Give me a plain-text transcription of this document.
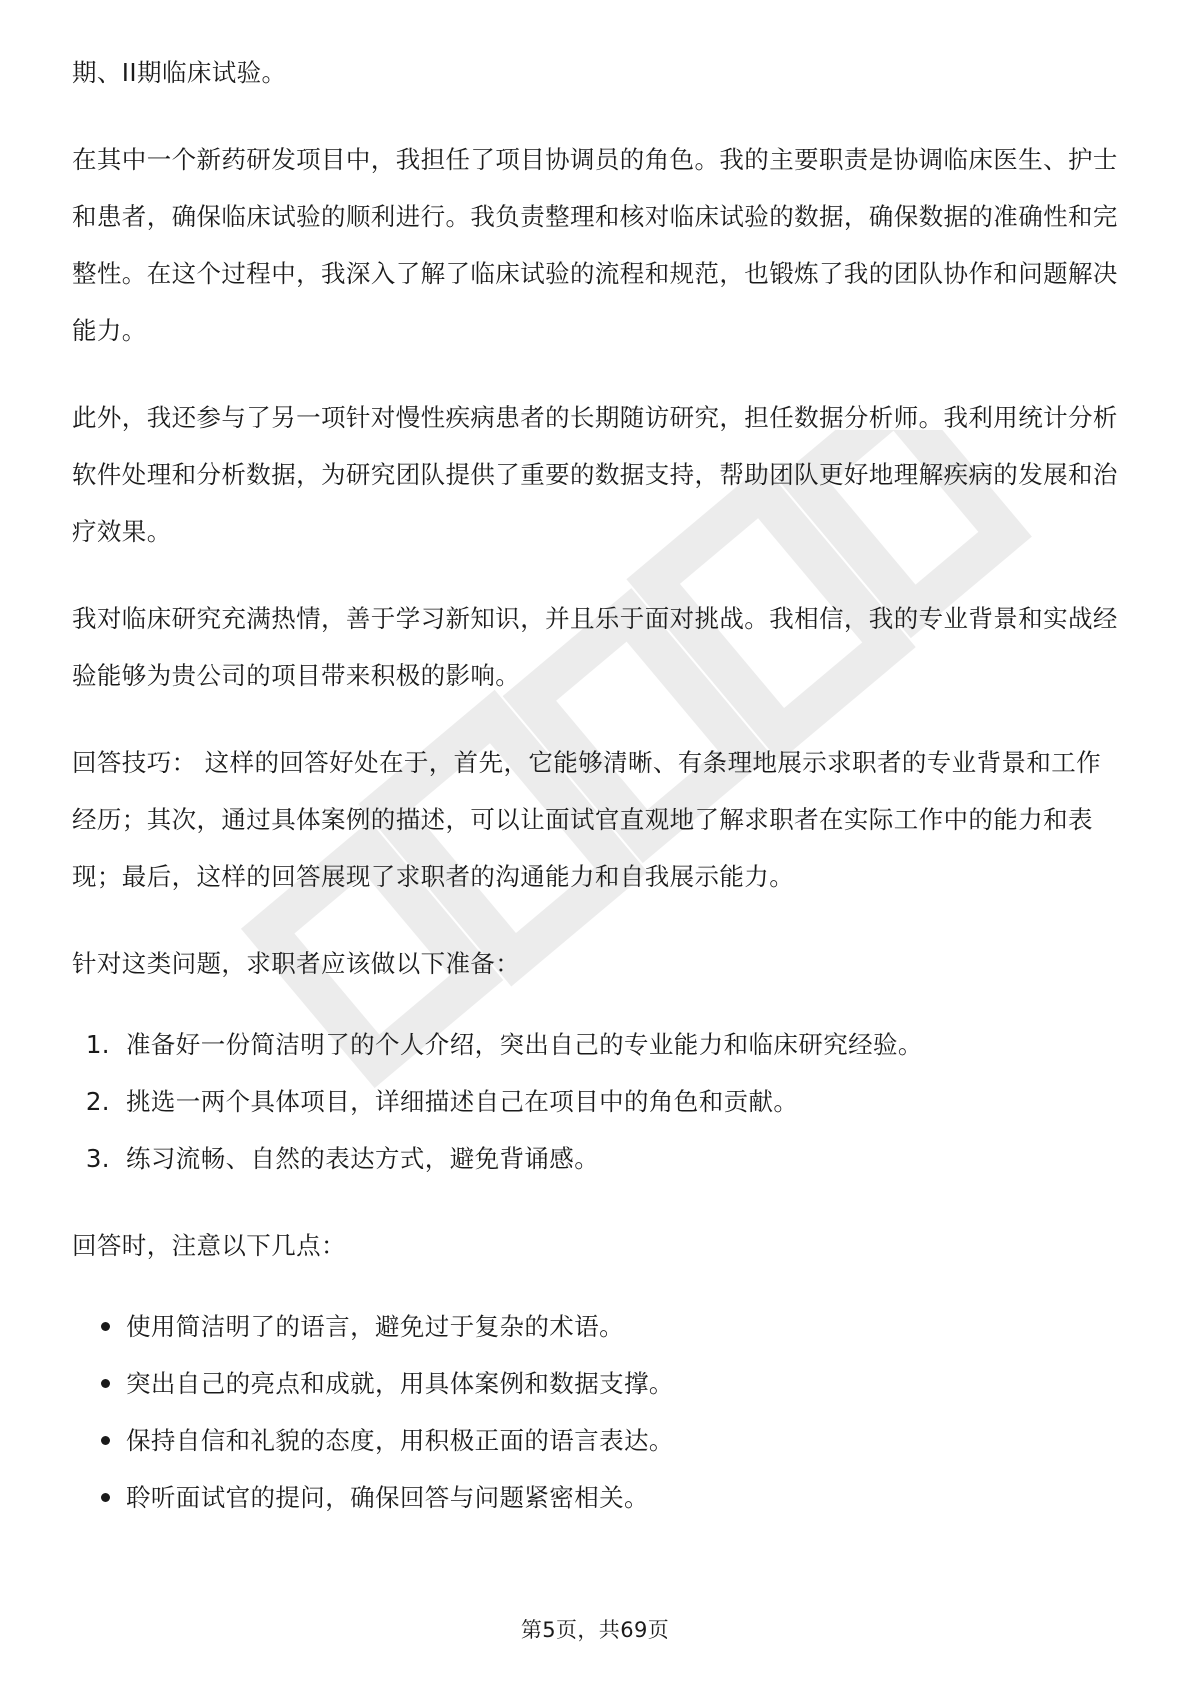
期、II期临床试验。

在其中一个新药研发项目中，我担任了项目协调员的角色。我的主要职责是协调临床医生、护士和患者，确保临床试验的顺利进行。我负责整理和核对临床试验的数据，确保数据的准确性和完整性。在这个过程中，我深入了解了临床试验的流程和规范，也锻炼了我的团队协作和问题解决能力。

此外，我还参与了另一项针对慢性疾病患者的长期随访研究，担任数据分析师。我利用统计分析软件处理和分析数据，为研究团队提供了重要的数据支持，帮助团队更好地理解疾病的发展和治疗效果。

我对临床研究充满热情，善于学习新知识，并且乐于面对挑战。我相信，我的专业背景和实战经验能够为贵公司的项目带来积极的影响。

回答技巧： 这样的回答好处在于，首先，它能够清晰、有条理地展示求职者的专业背景和工作经历；其次，通过具体案例的描述，可以让面试官直观地了解求职者在实际工作中的能力和表现；最后，这样的回答展现了求职者的沟通能力和自我展示能力。

针对这类问题，求职者应该做以下准备：

1. 准备好一份简洁明了的个人介绍，突出自己的专业能力和临床研究经验。
2. 挑选一两个具体项目，详细描述自己在项目中的角色和贡献。
3. 练习流畅、自然的表达方式，避免背诵感。

回答时，注意以下几点：

使用简洁明了的语言，避免过于复杂的术语。
突出自己的亮点和成就，用具体案例和数据支撑。
保持自信和礼貌的态度，用积极正面的语言表达。
聆听面试官的提问，确保回答与问题紧密相关。
第5页，共69页
